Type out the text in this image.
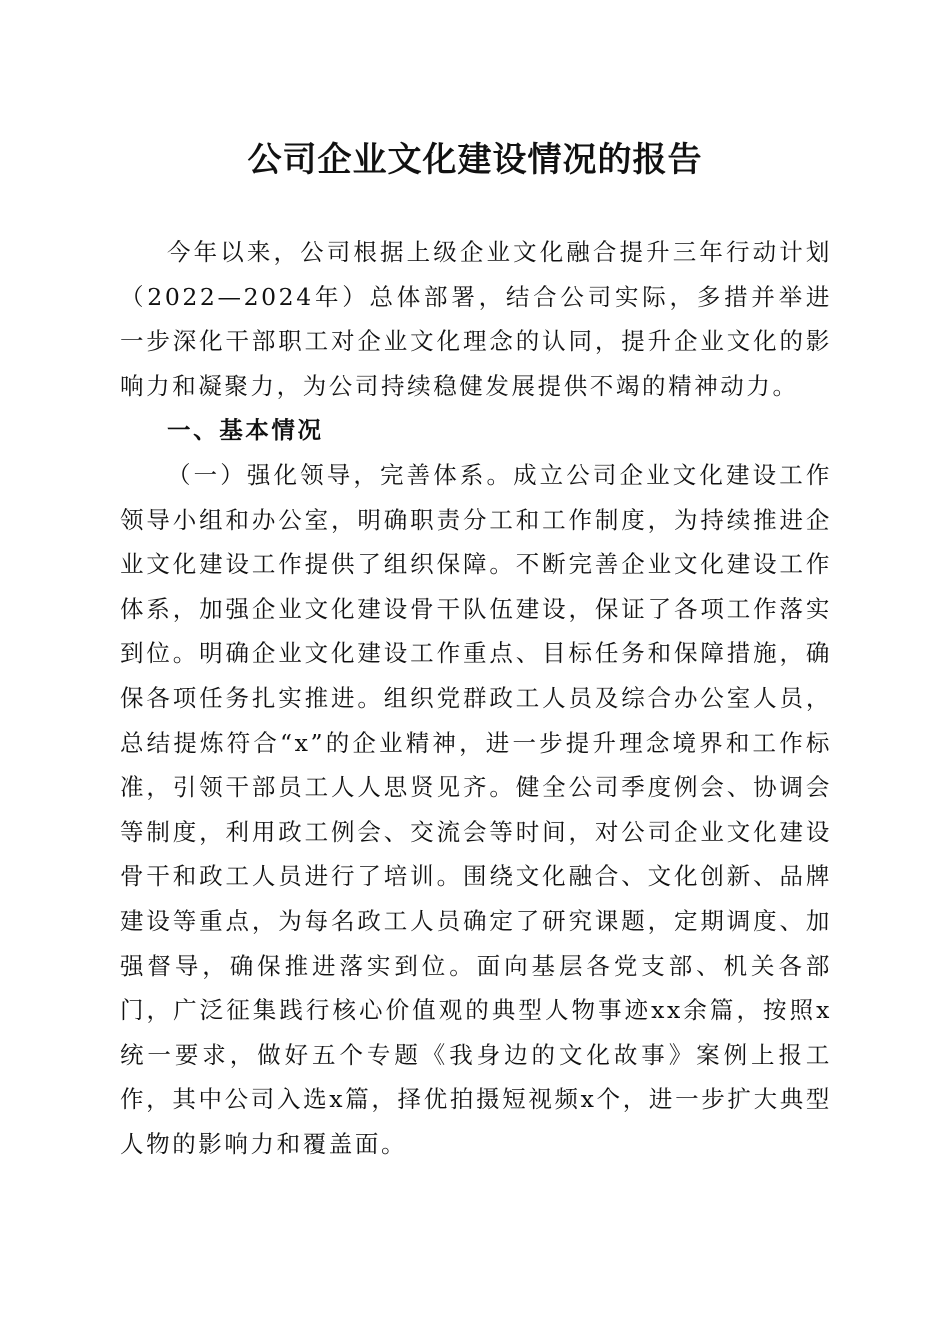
公司企业文化建设情况的报告

今年以来，公司根据上级企业文化融合提升三年行动计划（2022—2024年）总体部署，结合公司实际，多措并举进一步深化干部职工对企业文化理念的认同，提升企业文化的影响力和凝聚力，为公司持续稳健发展提供不竭的精神动力。

一、基本情况

（一）强化领导，完善体系。成立公司企业文化建设工作领导小组和办公室，明确职责分工和工作制度，为持续推进企业文化建设工作提供了组织保障。不断完善企业文化建设工作体系，加强企业文化建设骨干队伍建设，保证了各项工作落实到位。明确企业文化建设工作重点、目标任务和保障措施，确保各项任务扎实推进。组织党群政工人员及综合办公室人员，总结提炼符合“x”的企业精神，进一步提升理念境界和工作标准，引领干部员工人人思贤见齐。健全公司季度例会、协调会等制度，利用政工例会、交流会等时间，对公司企业文化建设骨干和政工人员进行了培训。围绕文化融合、文化创新、品牌建设等重点，为每名政工人员确定了研究课题，定期调度、加强督导，确保推进落实到位。面向基层各党支部、机关各部门，广泛征集践行核心价值观的典型人物事迹xx余篇，按照x统一要求，做好五个专题《我身边的文化故事》案例上报工作，其中公司入选x篇，择优拍摄短视频x个，进一步扩大典型人物的影响力和覆盖面。
